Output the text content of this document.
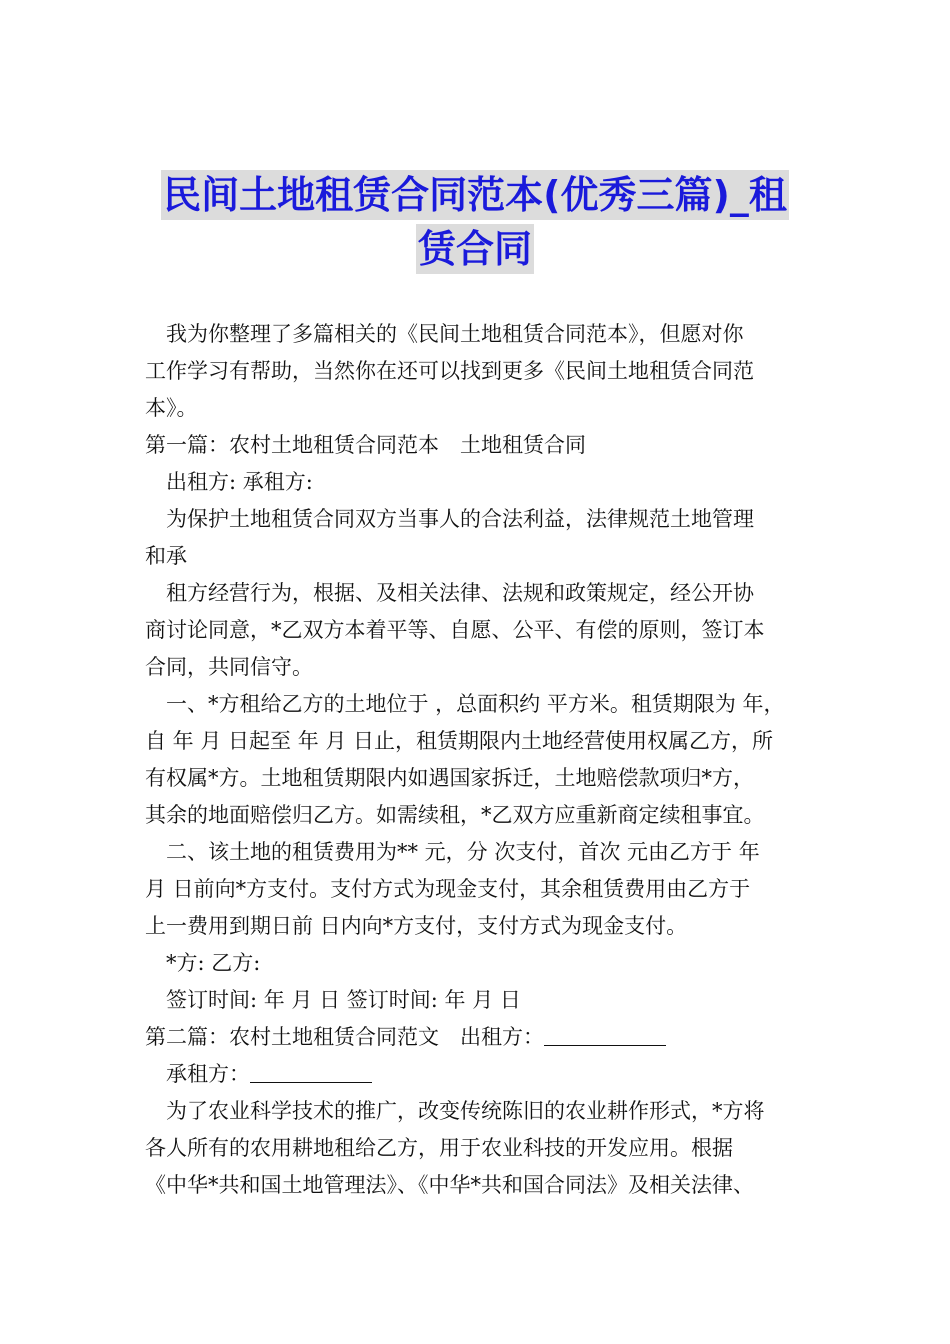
民间土地租赁合同范本(优秀三篇)_租
赁合同
我为你整理了多篇相关的《民间土地租赁合同范本》，但愿对你
工作学习有帮助，当然你在还可以找到更多《民间土地租赁合同范
本》。
第一篇：农村土地租赁合同范本　土地租赁合同
出租方: 承租方:
为保护土地租赁合同双方当事人的合法利益，法律规范土地管理
和承
租方经营行为，根据、及相关法律、法规和政策规定，经公开协
商讨论同意，*乙双方本着平等、自愿、公平、有偿的原则，签订本
合同，共同信守。
一、*方租给乙方的土地位于 ，总面积约 平方米。租赁期限为 年，
自 年 月 日起至 年 月 日止，租赁期限内土地经营使用权属乙方，所
有权属*方。土地租赁期限内如遇国家拆迁，土地赔偿款项归*方，
其余的地面赔偿归乙方。如需续租，*乙双方应重新商定续租事宜。
二、该土地的租赁费用为** 元，分 次支付，首次 元由乙方于 年
月 日前向*方支付。支付方式为现金支付，其余租赁费用由乙方于
上一费用到期日前 日内向*方支付，支付方式为现金支付。
*方: 乙方:
签订时间: 年 月 日 签订时间: 年 月 日
第二篇：农村土地租赁合同范文　出租方：
承租方：
为了农业科学技术的推广，改变传统陈旧的农业耕作形式，*方将
各人所有的农用耕地租给乙方，用于农业科技的开发应用。根据
《中华*共和国土地管理法》、《中华*共和国合同法》及相关法律、
